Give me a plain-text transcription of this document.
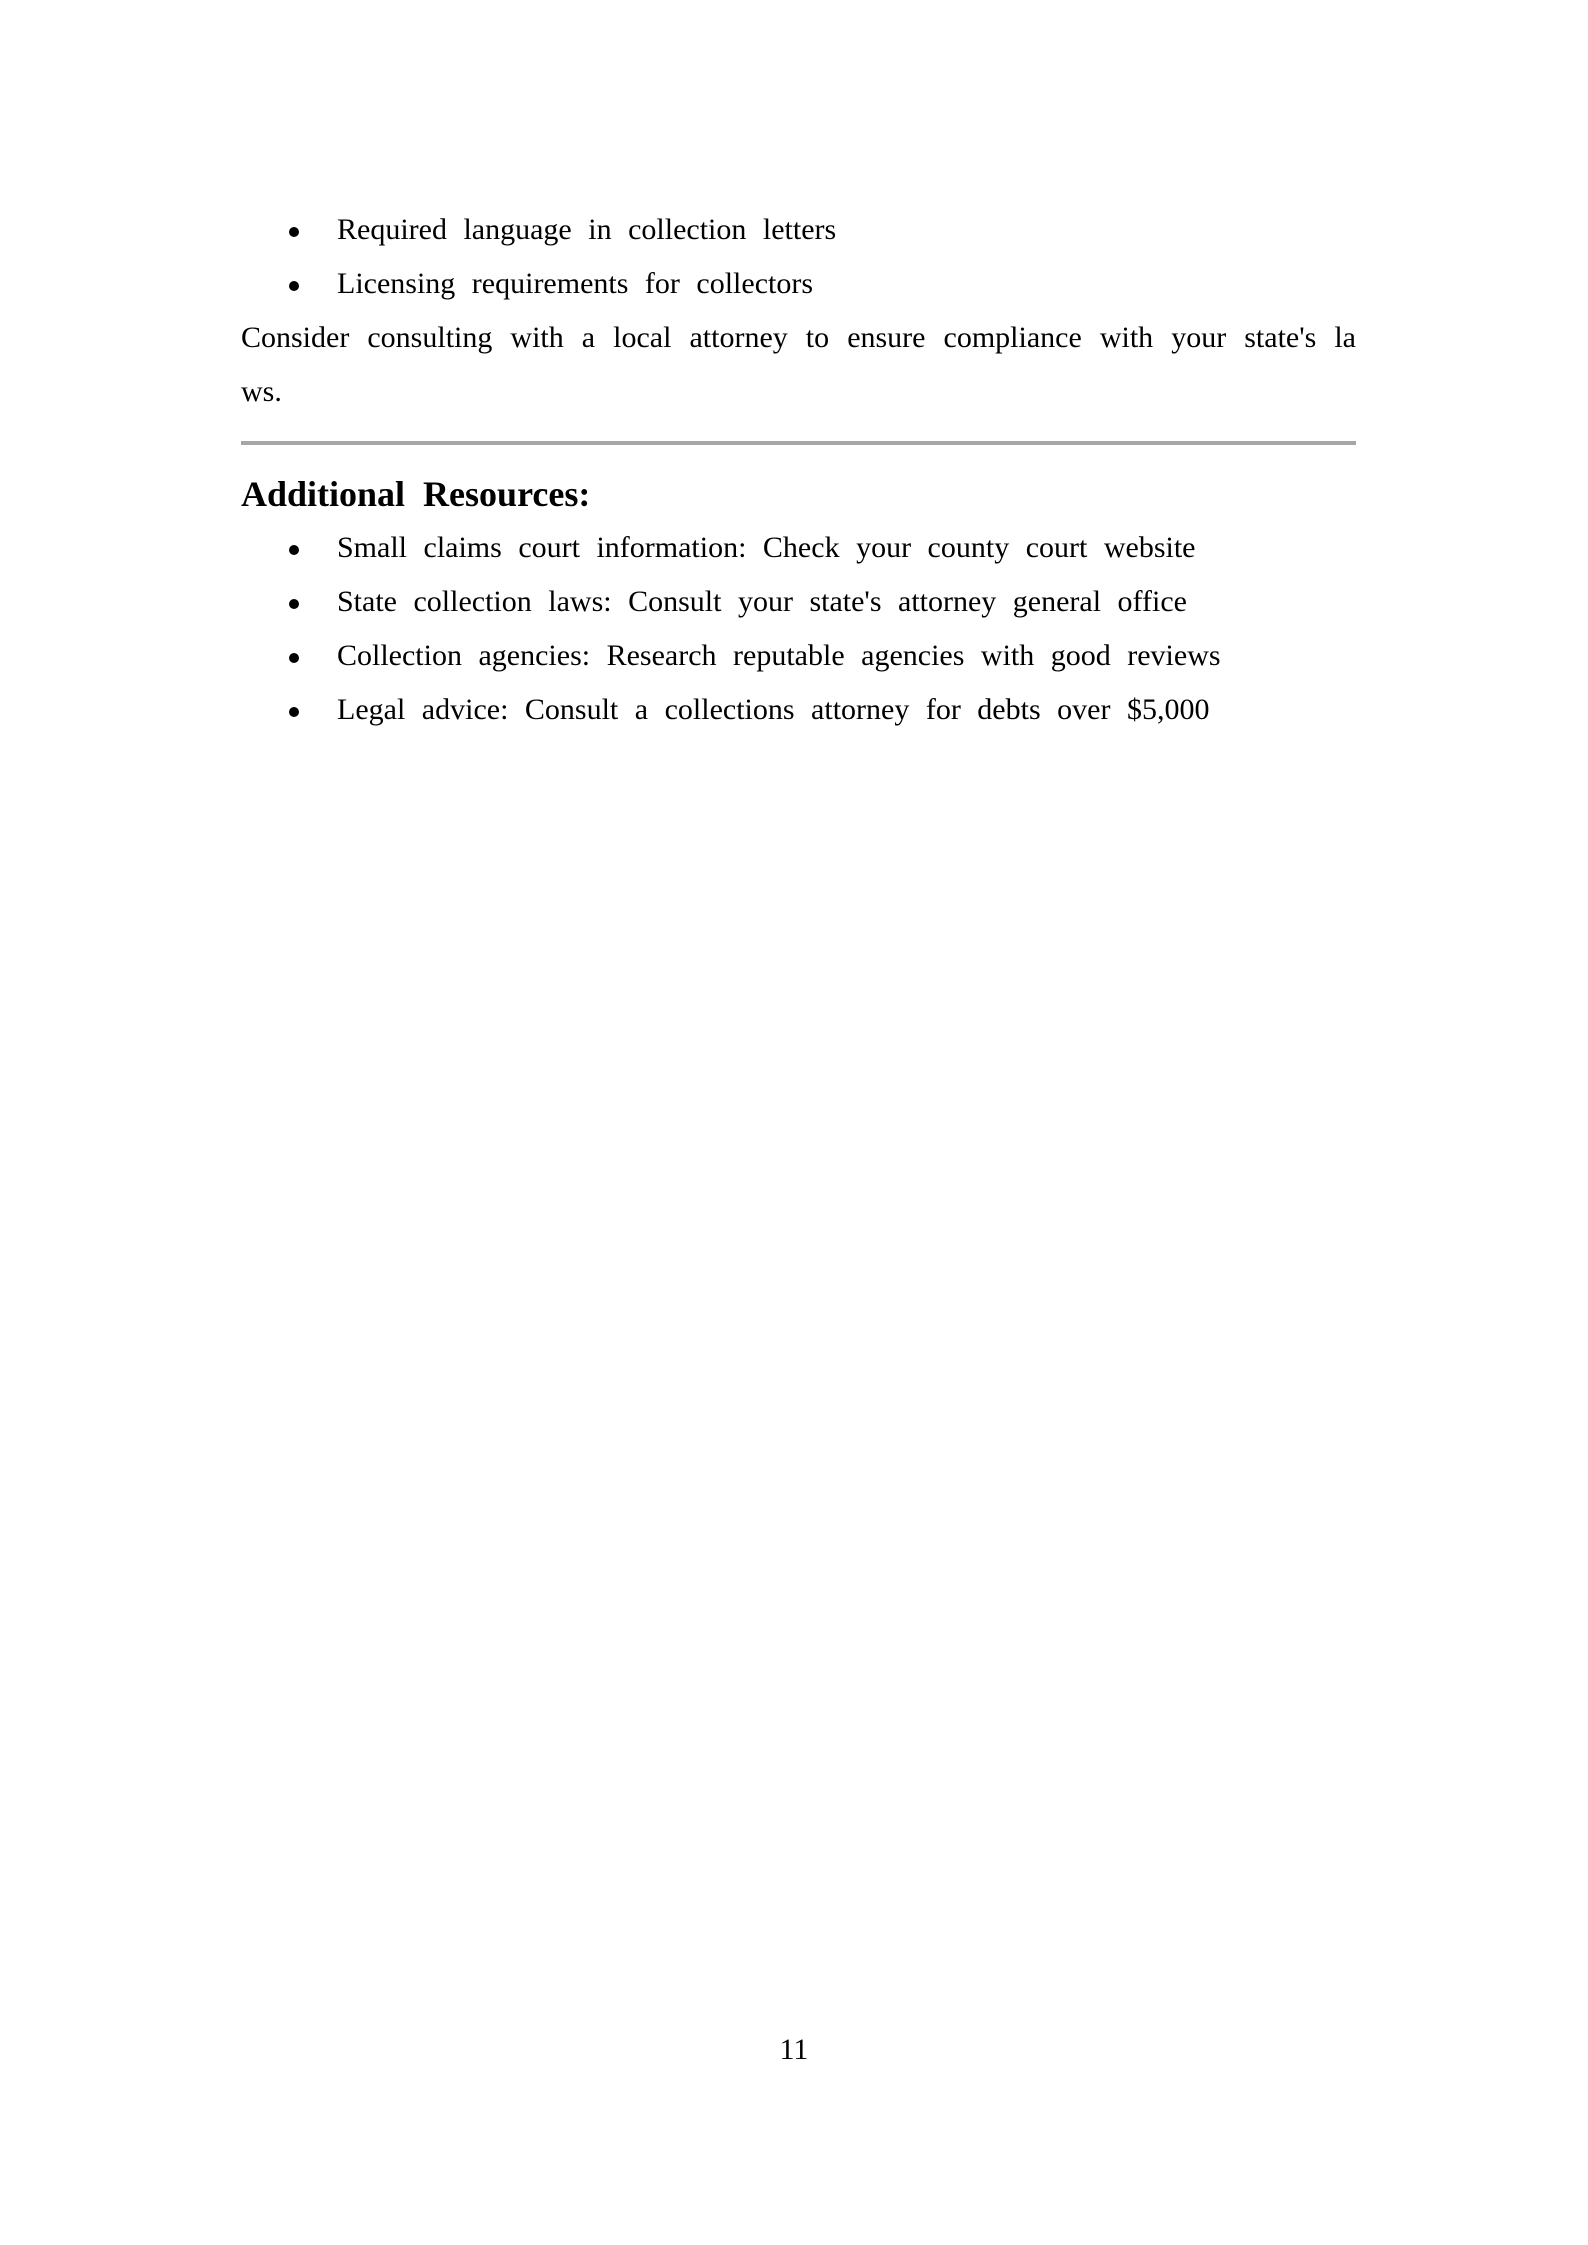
Required language in collection letters
Licensing requirements for collectors

Consider consulting with a local attorney to ensure compliance with your state's laws.

Additional Resources:
Small claims court information: Check your county court website
State collection laws: Consult your state's attorney general office
Collection agencies: Research reputable agencies with good reviews
Legal advice: Consult a collections attorney for debts over $5,000
11
